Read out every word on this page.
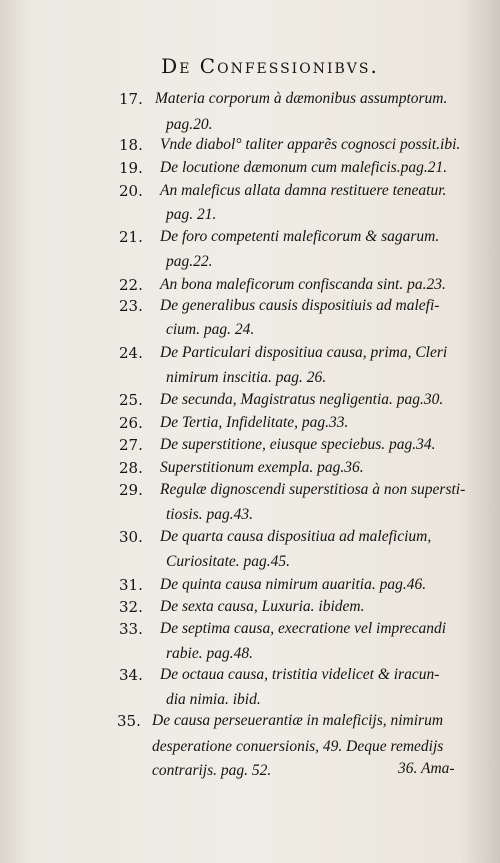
De Confessionibvs.
17. Materia corporum à dæmonibus assumptorum.
pag.20.
18. Vnde diabol° taliter apparẽs cognosci possit.ibi.
19. De locutione dæmonum cum maleficis.pag.21.
20. An maleficus allata damna restituere teneatur.
pag. 21.
21. De foro competenti maleficorum & sagarum.
pag.22.
22. An bona maleficorum confiscanda sint. pa.23.
23. De generalibus causis dispositiuis ad malefi-
cium. pag. 24.
24. De Particulari dispositiua causa, prima, Cleri
nimirum inscitia. pag. 26.
25. De secunda, Magistratus negligentia. pag.30.
26. De Tertia, Infidelitate, pag.33.
27. De superstitione, eiusque speciebus. pag.34.
28. Superstitionum exempla. pag.36.
29. Regulæ dignoscendi superstitiosa à non supersti-
tiosis. pag.43.
30. De quarta causa dispositiua ad maleficium,
Curiositate. pag.45.
31. De quinta causa nimirum auaritia. pag.46.
32. De sexta causa, Luxuria. ibidem.
33. De septima causa, execratione vel imprecandi
rabie. pag.48.
34. De octaua causa, tristitia videlicet & iracun-
dia nimia. ibid.
35. De causa perseuerantiæ in maleficijs, nimirum
desperatione conuersionis, 49. Deque remedijs
contrarijs. pag. 52.	36. Ama-
